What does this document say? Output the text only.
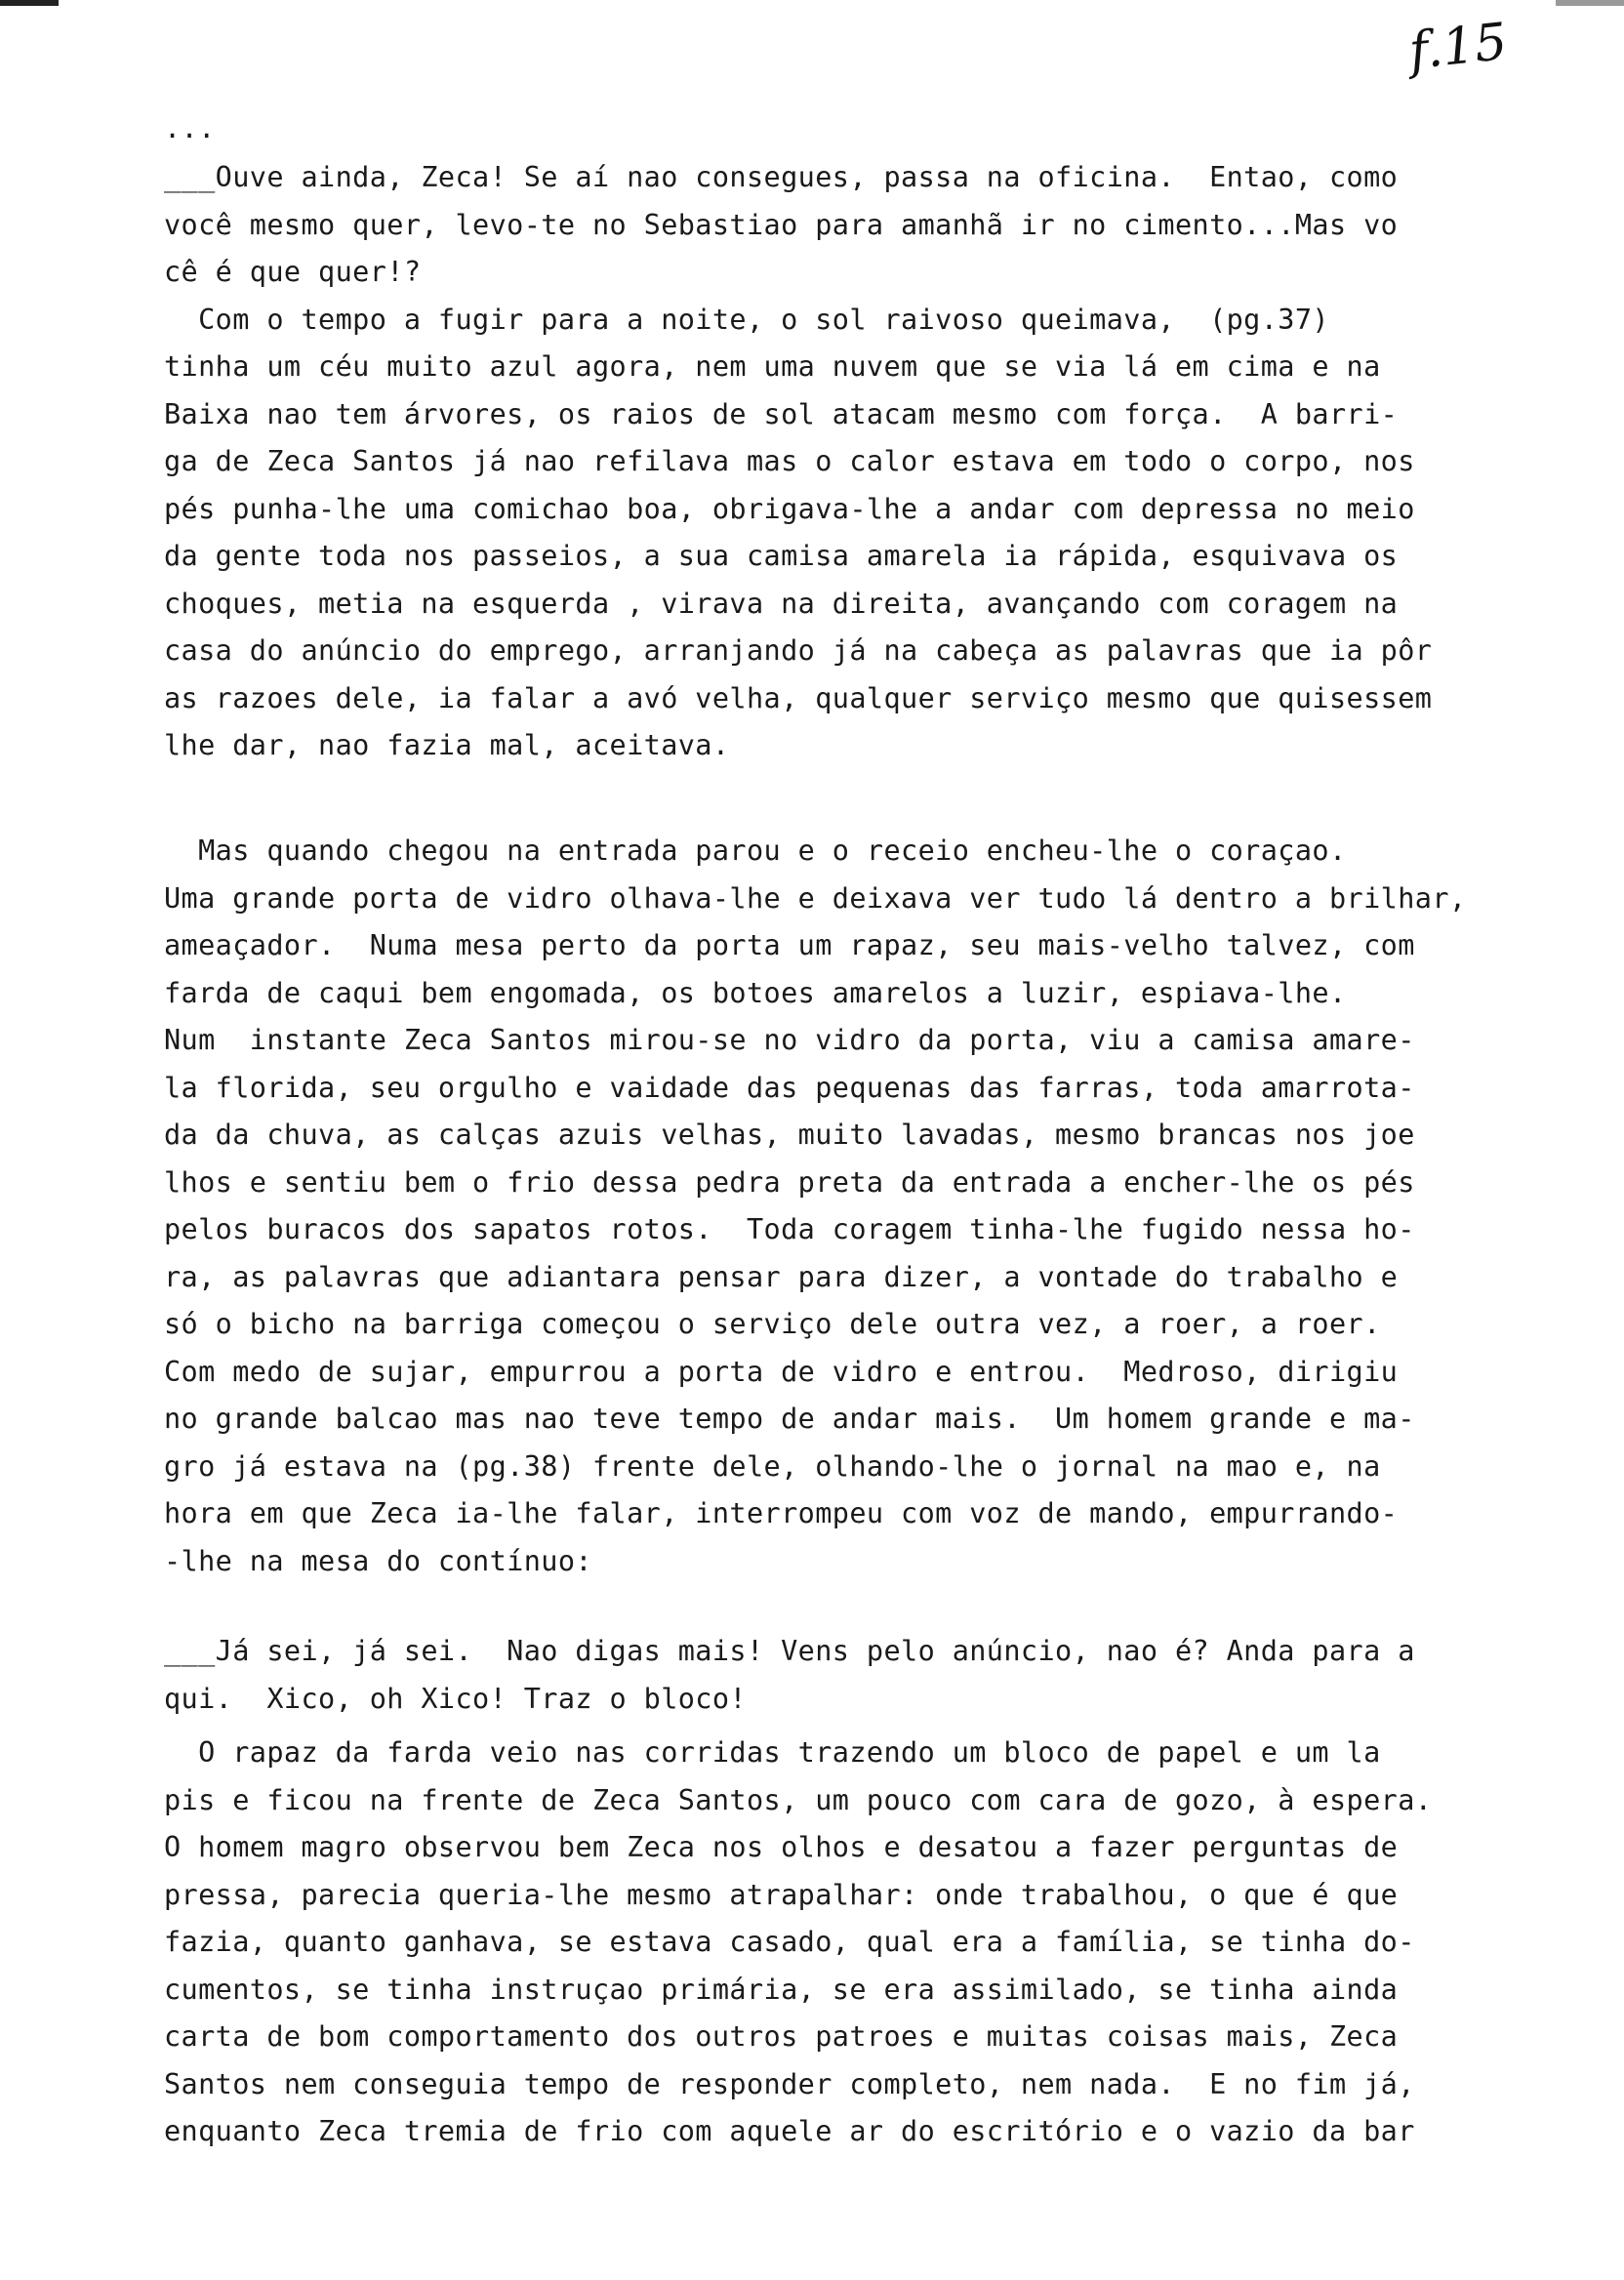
f.15
...
___Ouve ainda, Zeca! Se aí nao consegues, passa na oficina.  Entao, como
você mesmo quer, levo-te no Sebastiao para amanhã ir no cimento...Mas vo
cê é que quer!?
Com o tempo a fugir para a noite, o sol raivoso queimava,  (pg.37)
tinha um céu muito azul agora, nem uma nuvem que se via lá em cima e na
Baixa nao tem árvores, os raios de sol atacam mesmo com força.  A barri-
ga de Zeca Santos já nao refilava mas o calor estava em todo o corpo, nos
pés punha-lhe uma comichao boa, obrigava-lhe a andar com depressa no meio
da gente toda nos passeios, a sua camisa amarela ia rápida, esquivava os
choques, metia na esquerda , virava na direita, avançando com coragem na
casa do anúncio do emprego, arranjando já na cabeça as palavras que ia pôr
as razoes dele, ia falar a avó velha, qualquer serviço mesmo que quisessem
lhe dar, nao fazia mal, aceitava.
Mas quando chegou na entrada parou e o receio encheu-lhe o coraçao.
Uma grande porta de vidro olhava-lhe e deixava ver tudo lá dentro a brilhar,
ameaçador.  Numa mesa perto da porta um rapaz, seu mais-velho talvez, com
farda de caqui bem engomada, os botoes amarelos a luzir, espiava-lhe.
Num  instante Zeca Santos mirou-se no vidro da porta, viu a camisa amare-
la florida, seu orgulho e vaidade das pequenas das farras, toda amarrota-
da da chuva, as calças azuis velhas, muito lavadas, mesmo brancas nos joe
lhos e sentiu bem o frio dessa pedra preta da entrada a encher-lhe os pés
pelos buracos dos sapatos rotos.  Toda coragem tinha-lhe fugido nessa ho-
ra, as palavras que adiantara pensar para dizer, a vontade do trabalho e
só o bicho na barriga começou o serviço dele outra vez, a roer, a roer.
Com medo de sujar, empurrou a porta de vidro e entrou.  Medroso, dirigiu
no grande balcao mas nao teve tempo de andar mais.  Um homem grande e ma-
gro já estava na (pg.38) frente dele, olhando-lhe o jornal na mao e, na
hora em que Zeca ia-lhe falar, interrompeu com voz de mando, empurrando-
-lhe na mesa do contínuo:
___Já sei, já sei.  Nao digas mais! Vens pelo anúncio, nao é? Anda para a
qui.  Xico, oh Xico! Traz o bloco!
O rapaz da farda veio nas corridas trazendo um bloco de papel e um la
pis e ficou na frente de Zeca Santos, um pouco com cara de gozo, à espera.
O homem magro observou bem Zeca nos olhos e desatou a fazer perguntas de
pressa, parecia queria-lhe mesmo atrapalhar: onde trabalhou, o que é que
fazia, quanto ganhava, se estava casado, qual era a família, se tinha do-
cumentos, se tinha instruçao primária, se era assimilado, se tinha ainda
carta de bom comportamento dos outros patroes e muitas coisas mais, Zeca
Santos nem conseguia tempo de responder completo, nem nada.  E no fim já,
enquanto Zeca tremia de frio com aquele ar do escritório e o vazio da bar
